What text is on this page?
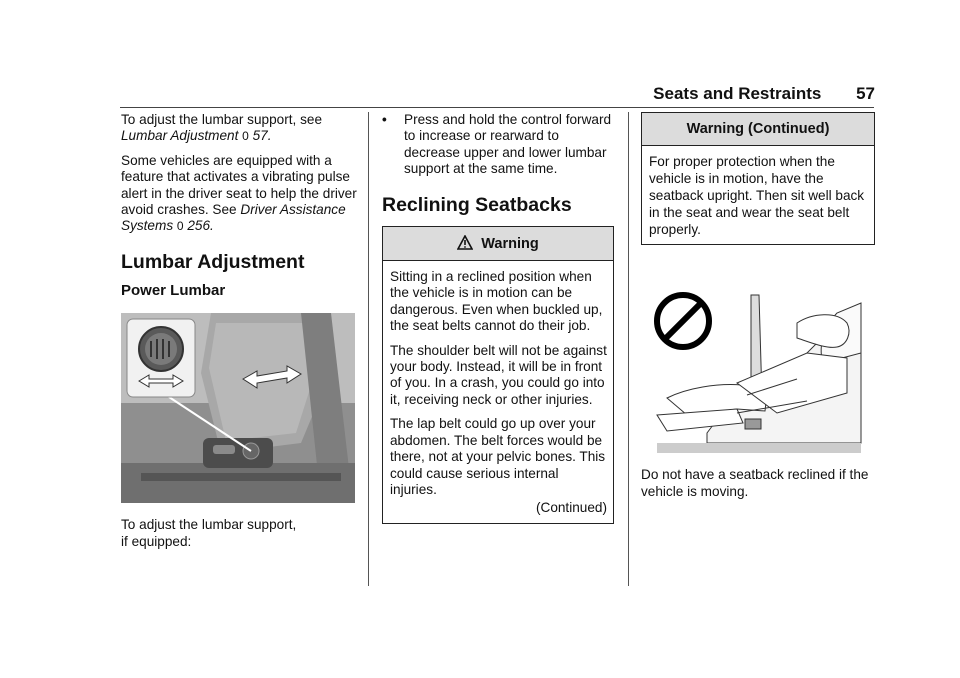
Seats and Restraints 57

To adjust the lumbar support, see
Lumbar Adjustment 0 57.

Some vehicles are equipped with a feature that activates a vibrating pulse alert in the driver seat to help the driver avoid crashes. See Driver Assistance Systems 0 256.

Lumbar Adjustment
Power Lumbar

To adjust the lumbar support,
if equipped:

•	Press and hold the control forward to increase or rearward to decrease upper and lower lumbar support at the same time.
Reclining Seatbacks
Warning

Sitting in a reclined position when the vehicle is in motion can be dangerous. Even when buckled up, the seat belts cannot do their job.

The shoulder belt will not be against your body. Instead, it will be in front of you. In a crash, you could go into it, receiving neck or other injuries.

The lap belt could go up over your abdomen. The belt forces would be there, not at your pelvic bones. This could cause serious internal injuries.

(Continued)

Warning (Continued)

For proper protection when the vehicle is in motion, have the seatback upright. Then sit well back in the seat and wear the seat belt properly.

Do not have a seatback reclined if the vehicle is moving.
